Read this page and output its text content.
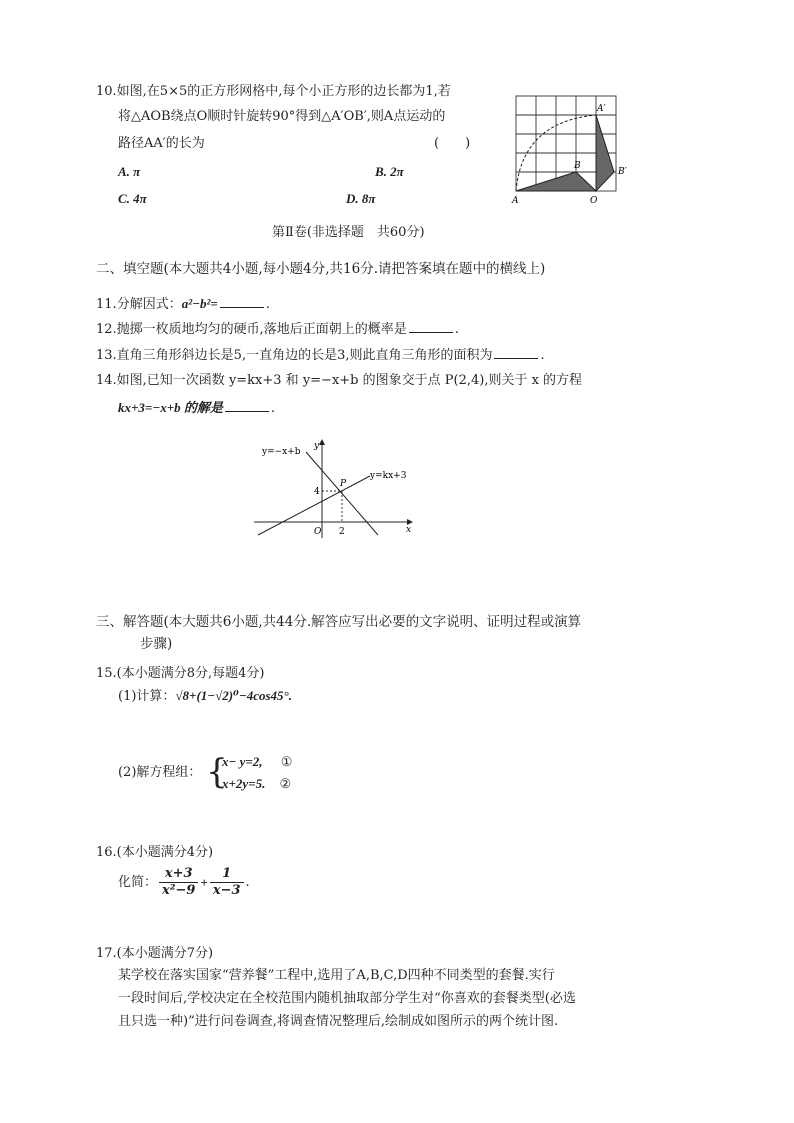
10.如图,在5×5的正方形网格中,每个小正方形的边长都为1,若
将△AOB绕点O顺时针旋转90°得到△A′OB′,则A点运动的
路径AA′的长为	(　　)
A. π	B. 2π
C. 4π	D. 8π	A	O
B
A′
B′
第Ⅱ卷(非选择题　共60分)
二、填空题(本大题共4小题,每小题4分,共16分.请把答案填在题中的横线上)
11.分解因式：a²−b²=	.
12.抛掷一枚质地均匀的硬币,落地后正面朝上的概率是	.
13.直角三角形斜边长是5,一直角边的长是3,则此直角三角形的面积为	.
14.如图,已知一次函数 y=kx+3 和 y=−x+b 的图象交于点 P(2,4),则关于 x 的方程
kx+3=−x+b 的解是	.
y=−x+b
y=kx+3
P
y
x
O
4
2
三、解答题(本大题共6小题,共44分.解答应写出必要的文字说明、证明过程或演算
步骤)
15.(本小题满分8分,每题4分)
(1)计算：√8+(1−√2)⁰−4cos45°.
(2)解方程组： {
x− y=2, ①
x+2y=5. ②
16.(本小题满分4分)
化简： $\frac{x+3}{\text{x²−9}} + \frac{1}{x-3}$ .
17.(本小题满分7分)
某学校在落实国家“营养餐”工程中,选用了A,B,C,D四种不同类型的套餐.实行
一段时间后,学校决定在全校范围内随机抽取部分学生对“你喜欢的套餐类型(必选
且只选一种)”进行问卷调查,将调查情况整理后,绘制成如图所示的两个统计图.
